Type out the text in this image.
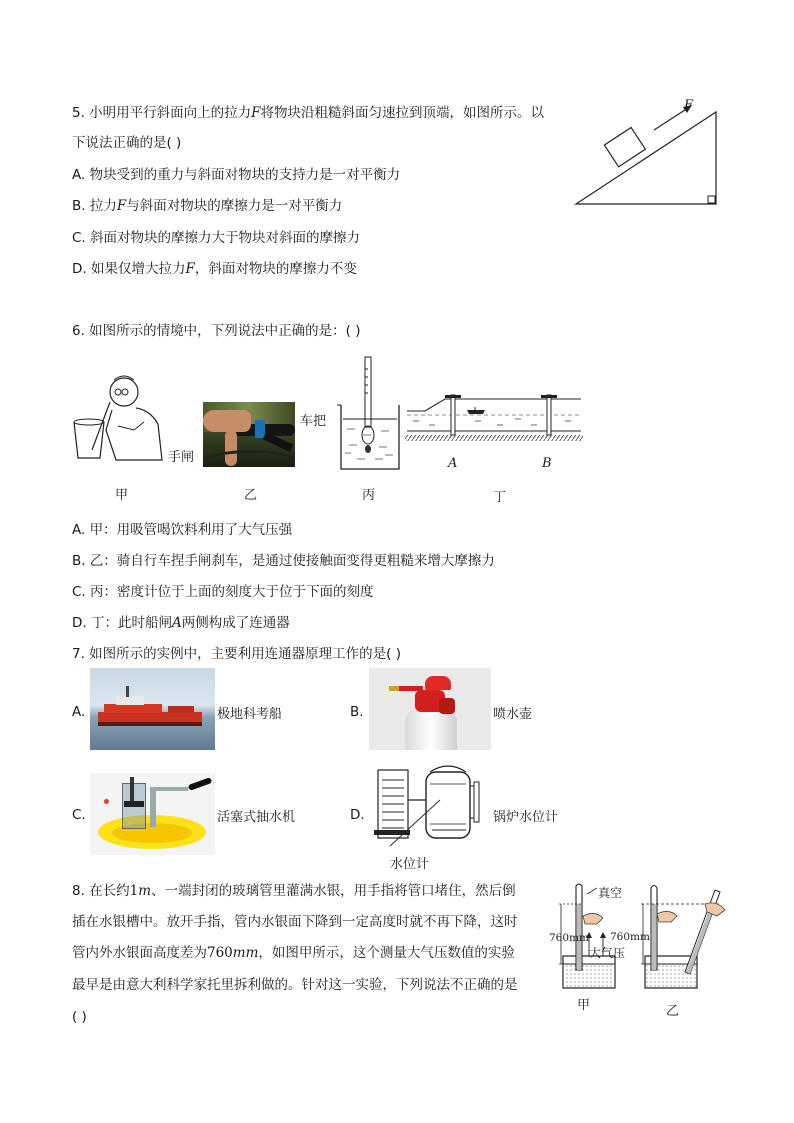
5. 小明用平行斜面向上的拉力F将物块沿粗糙斜面匀速拉到顶端，如图所示。以
下说法正确的是( )
A. 物块受到的重力与斜面对物块的支持力是一对平衡力
B. 拉力F与斜面对物块的摩擦力是一对平衡力
C. 斜面对物块的摩擦力大于物块对斜面的摩擦力
D. 如果仅增大拉力F，斜面对物块的摩擦力不变
F
6. 如图所示的情境中，下列说法中正确的是：( )
甲
手闸
乙
车把
丙
A	B
丁
A. 甲：用吸管喝饮料利用了大气压强
B. 乙：骑自行车捏手闸刹车，是通过使接触面变得更粗糙来增大摩擦力
C. 丙：密度计位于上面的刻度大于位于下面的刻度
D. 丁：此时船闸A两侧构成了连通器
7. 如图所示的实例中，主要利用连通器原理工作的是( )
A.	极地科考船	B.	喷水壶
C.	活塞式抽水机	D.	锅炉水位计
水位计
8. 在长约1m、一端封闭的玻璃管里灌满水银，用手指将管口堵住，然后倒
插在水银槽中。放开手指，管内水银面下降到一定高度时就不再下降，这时
管内外水银面高度差为760mm，如图甲所示，这个测量大气压数值的实验
最早是由意大利科学家托里拆利做的。针对这一实验，下列说法不正确的是
( )
真空
760mm
大气压
760mm
甲	乙
